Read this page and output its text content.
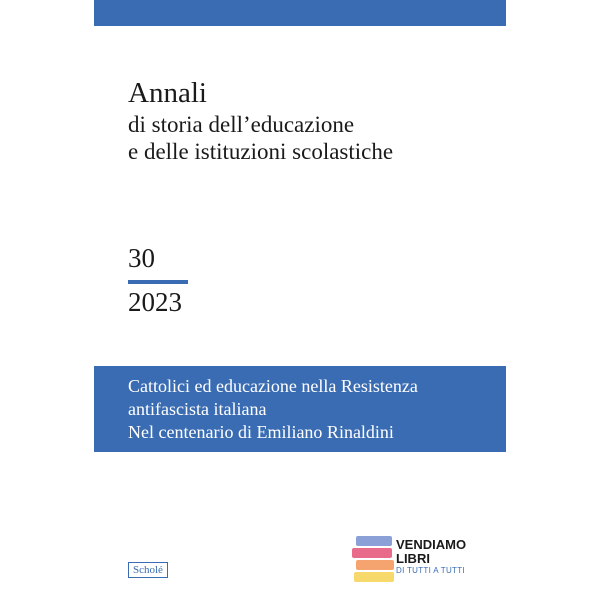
Annali
di storia dell’educazione
e delle istituzioni scolastiche
30
2023
Cattolici ed educazione nella Resistenza
antifascista italiana
Nel centenario di Emiliano Rinaldini
Scholé
VENDIAMO
LIBRI
DI TUTTI A TUTTI
